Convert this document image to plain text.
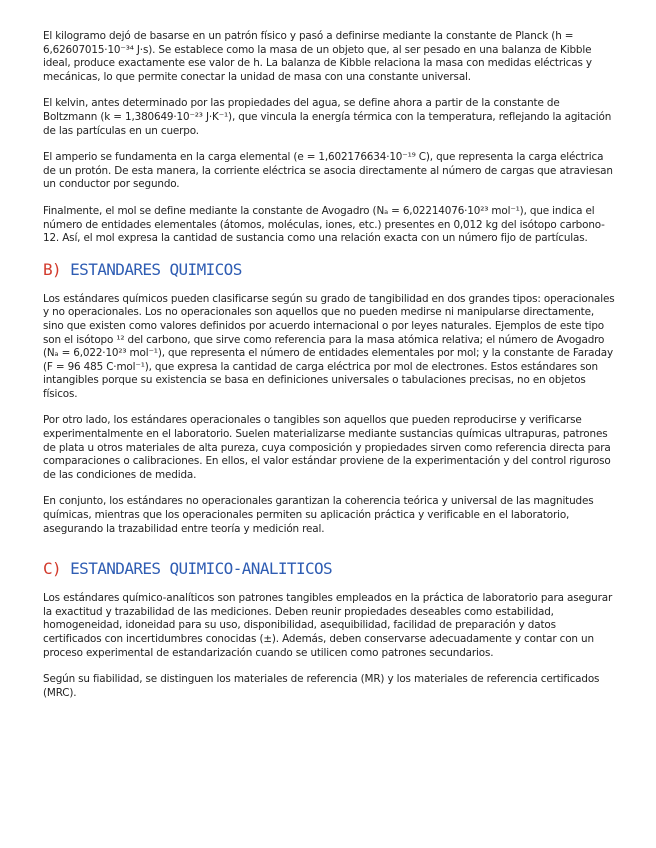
El kilogramo dejó de basarse en un patrón físico y pasó a definirse mediante la constante de Planck (h = 6,62607015·10⁻³⁴ J·s). Se establece como la masa de un objeto que, al ser pesado en una balanza de Kibble ideal, produce exactamente ese valor de h. La balanza de Kibble relaciona la masa con medidas eléctricas y mecánicas, lo que permite conectar la unidad de masa con una constante universal.

El kelvin, antes determinado por las propiedades del agua, se define ahora a partir de la constante de Boltzmann (k = 1,380649·10⁻²³ J·K⁻¹), que vincula la energía térmica con la temperatura, reflejando la agitación de las partículas en un cuerpo.

El amperio se fundamenta en la carga elemental (e = 1,602176634·10⁻¹⁹ C), que representa la carga eléctrica de un protón. De esta manera, la corriente eléctrica se asocia directamente al número de cargas que atraviesan un conductor por segundo.

Finalmente, el mol se define mediante la constante de Avogadro (Nₐ = 6,02214076·10²³ mol⁻¹), que indica el número de entidades elementales (átomos, moléculas, iones, etc.) presentes en 0,012 kg del isótopo carbono-12. Así, el mol expresa la cantidad de sustancia como una relación exacta con un número fijo de partículas.

B) ESTANDARES QUIMICOS

Los estándares químicos pueden clasificarse según su grado de tangibilidad en dos grandes tipos: operacionales y no operacionales. Los no operacionales son aquellos que no pueden medirse ni manipularse directamente, sino que existen como valores definidos por acuerdo internacional o por leyes naturales. Ejemplos de este tipo son el isótopo ¹² del carbono, que sirve como referencia para la masa atómica relativa; el número de Avogadro (Nₐ = 6,022·10²³ mol⁻¹), que representa el número de entidades elementales por mol; y la constante de Faraday (F = 96 485 C·mol⁻¹), que expresa la cantidad de carga eléctrica por mol de electrones. Estos estándares son intangibles porque su existencia se basa en definiciones universales o tabulaciones precisas, no en objetos físicos.

Por otro lado, los estándares operacionales o tangibles son aquellos que pueden reproducirse y verificarse experimentalmente en el laboratorio. Suelen materializarse mediante sustancias químicas ultrapuras, patrones de plata u otros materiales de alta pureza, cuya composición y propiedades sirven como referencia directa para comparaciones o calibraciones. En ellos, el valor estándar proviene de la experimentación y del control riguroso de las condiciones de medida.

En conjunto, los estándares no operacionales garantizan la coherencia teórica y universal de las magnitudes químicas, mientras que los operacionales permiten su aplicación práctica y verificable en el laboratorio, asegurando la trazabilidad entre teoría y medición real.

C) ESTANDARES QUIMICO-ANALITICOS

Los estándares químico-analíticos son patrones tangibles empleados en la práctica de laboratorio para asegurar la exactitud y trazabilidad de las mediciones. Deben reunir propiedades deseables como estabilidad, homogeneidad, idoneidad para su uso, disponibilidad, asequibilidad, facilidad de preparación y datos certificados con incertidumbres conocidas (±). Además, deben conservarse adecuadamente y contar con un proceso experimental de estandarización cuando se utilicen como patrones secundarios.

Según su fiabilidad, se distinguen los materiales de referencia (MR) y los materiales de referencia certificados (MRC).
